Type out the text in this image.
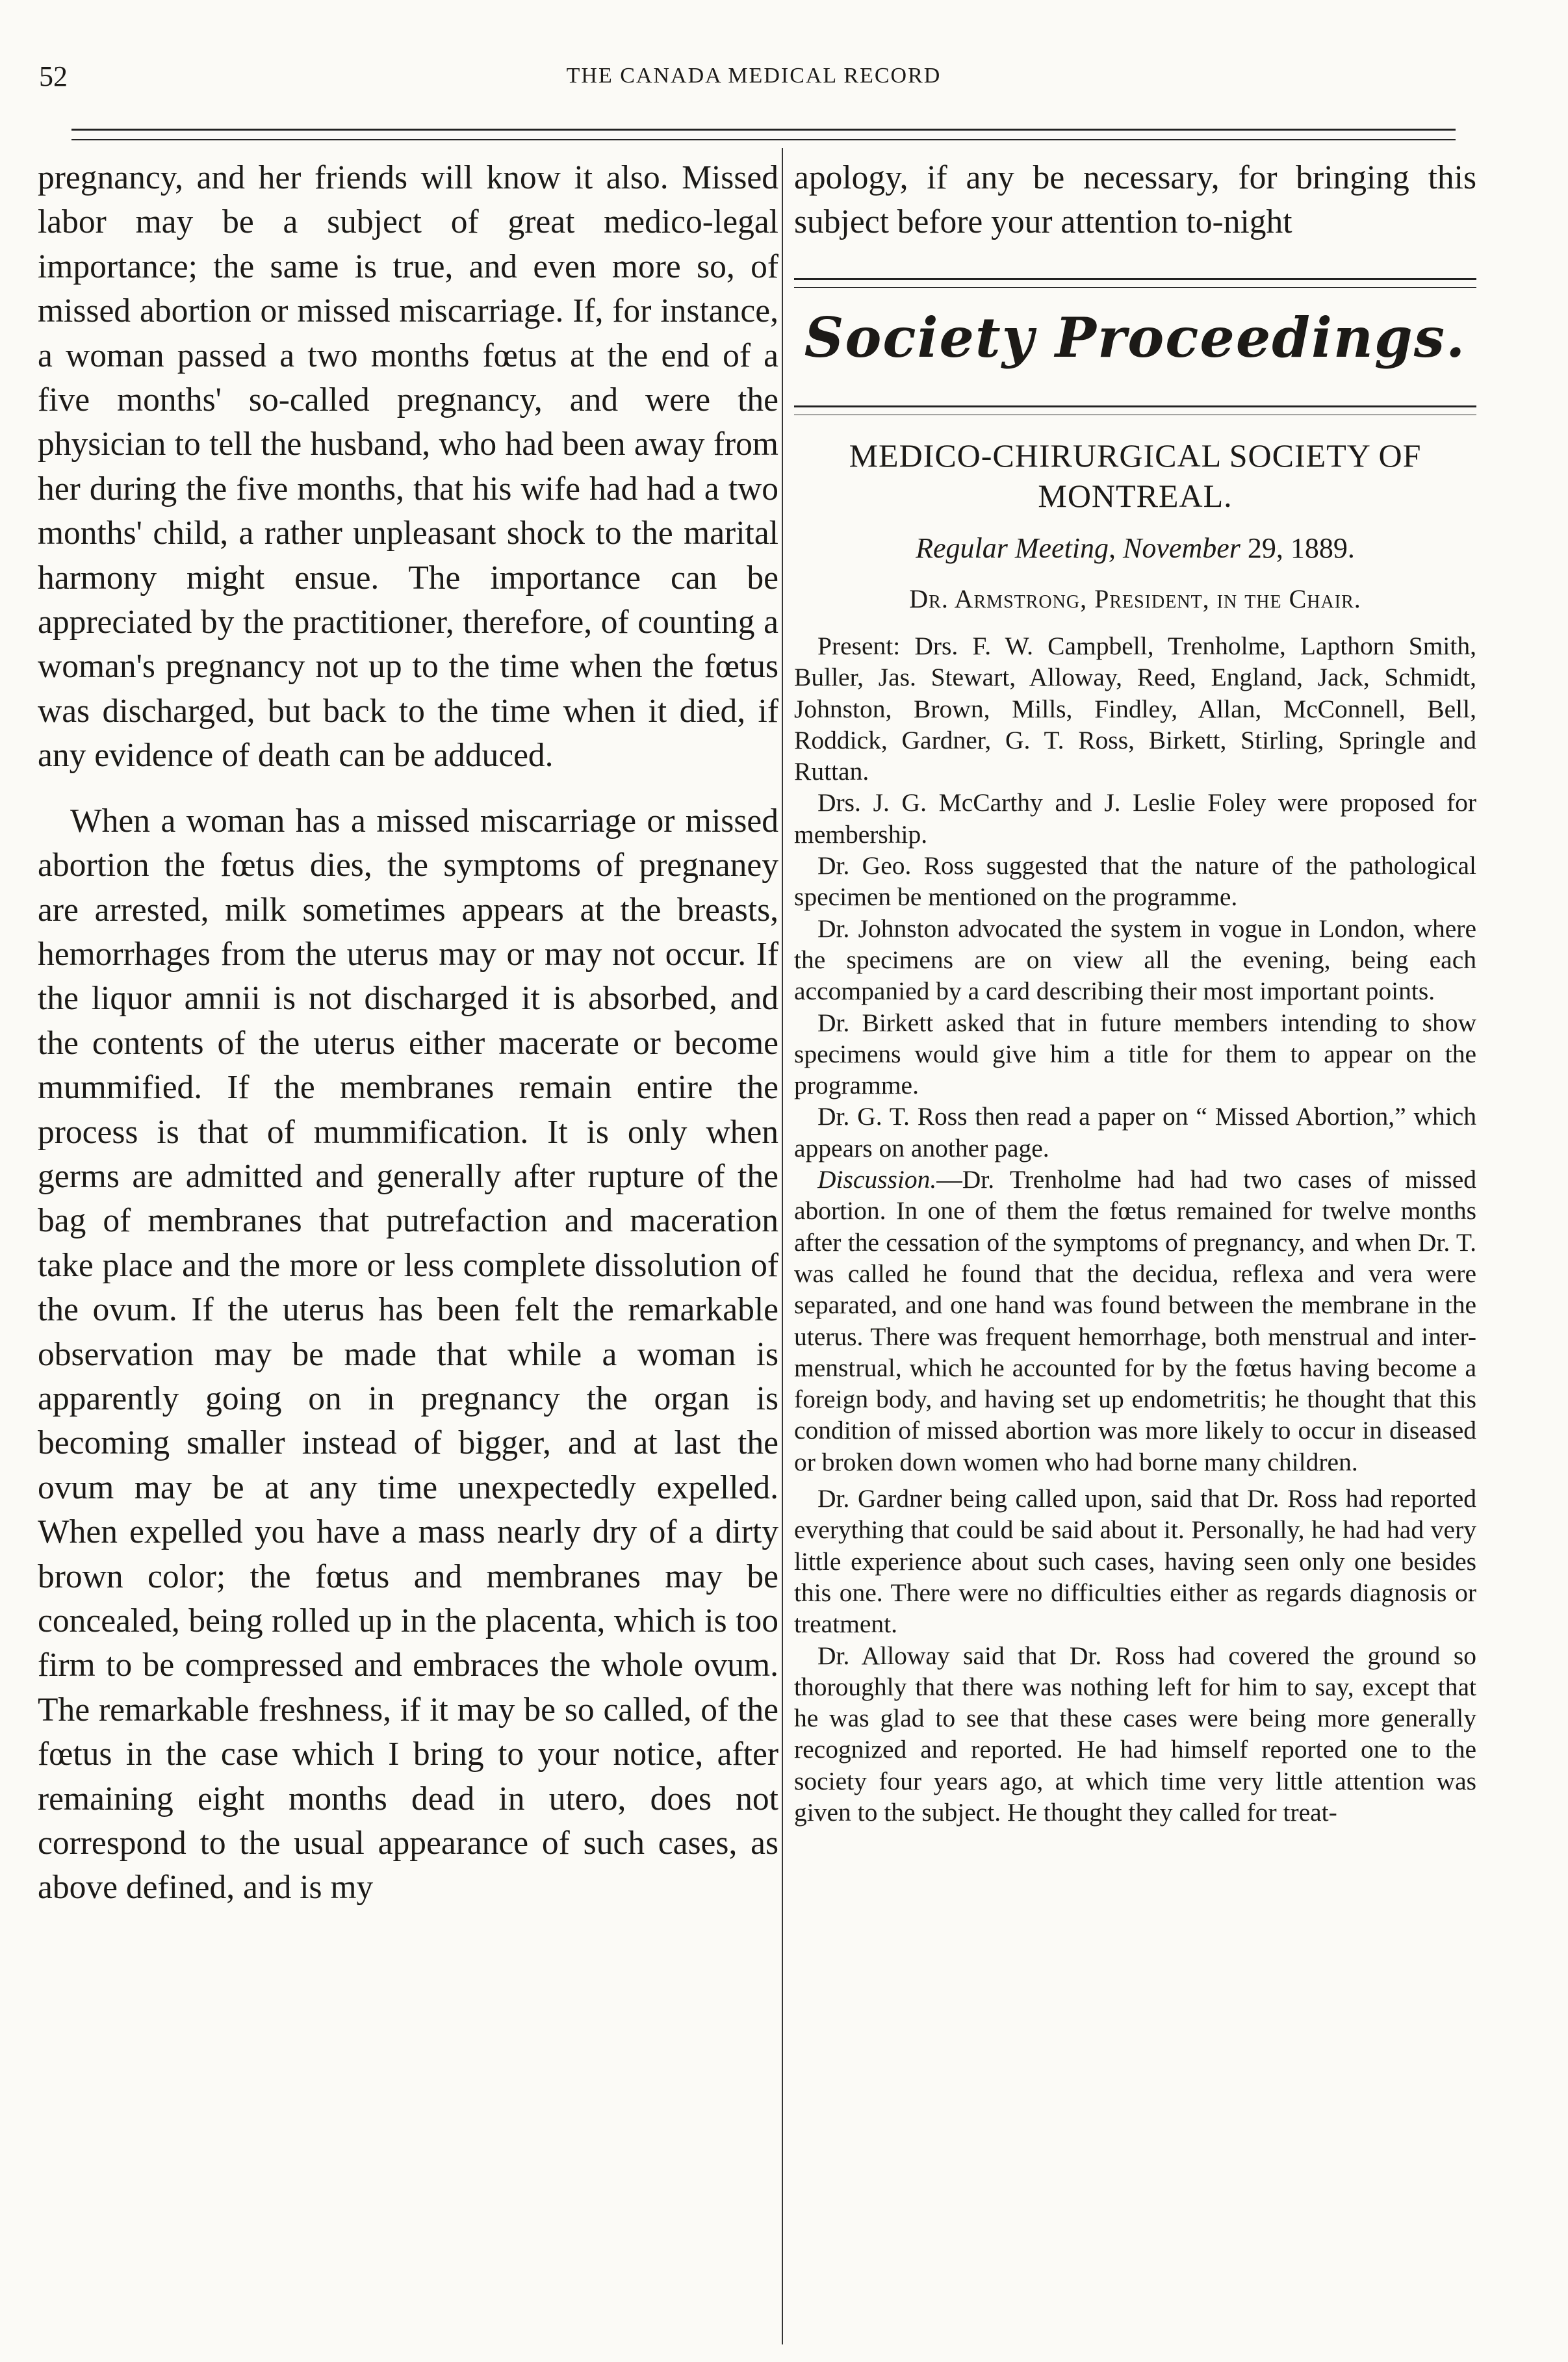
52	THE CANADA MEDICAL RECORD

pregnancy, and her friends will know it also. Missed labor may be a subject of great medico-legal importance; the same is true, and even more so, of missed abortion or missed miscarriage. If, for instance, a woman passed a two months fœtus at the end of a five months' so-called pregnancy, and were the physician to tell the husband, who had been away from her during the five months, that his wife had had a two months' child, a rather unpleasant shock to the marital harmony might ensue. The importance can be appreciated by the practitioner, therefore, of counting a woman's pregnancy not up to the time when the fœtus was discharged, but back to the time when it died, if any evidence of death can be adduced.

When a woman has a missed miscarriage or missed abortion the fœtus dies, the symptoms of pregnaney are arrested, milk sometimes appears at the breasts, hemorrhages from the uterus may or may not occur. If the liquor amnii is not discharged it is absorbed, and the contents of the uterus either macerate or become mummified. If the membranes remain entire the process is that of mummification. It is only when germs are admitted and generally after rupture of the bag of membranes that putrefaction and maceration take place and the more or less complete dissolution of the ovum. If the uterus has been felt the remarkable observation may be made that while a woman is apparently going on in pregnancy the organ is becoming smaller instead of bigger, and at last the ovum may be at any time unexpectedly expelled. When expelled you have a mass nearly dry of a dirty brown color; the fœtus and membranes may be concealed, being rolled up in the placenta, which is too firm to be compressed and embraces the whole ovum. The remarkable freshness, if it may be so called, of the fœtus in the case which I bring to your notice, after remaining eight months dead in utero, does not correspond to the usual appearance of such cases, as above defined, and is my

apology, if any be necessary, for bringing this subject before your attention to-night

Society Proceedings.
MEDICO-CHIRURGICAL SOCIETY OF MONTREAL.
Regular Meeting, November 29, 1889.
Dr. Armstrong, President, in the Chair.

Present: Drs. F. W. Campbell, Trenholme, Lapthorn Smith, Buller, Jas. Stewart, Alloway, Reed, England, Jack, Schmidt, Johnston, Brown, Mills, Findley, Allan, McConnell, Bell, Roddick, Gardner, G. T. Ross, Birkett, Stirling, Springle and Ruttan.

Drs. J. G. McCarthy and J. Leslie Foley were proposed for membership.

Dr. Geo. Ross suggested that the nature of the pathological specimen be mentioned on the programme.

Dr. Johnston advocated the system in vogue in London, where the specimens are on view all the evening, being each accompanied by a card describing their most important points.

Dr. Birkett asked that in future members intending to show specimens would give him a title for them to appear on the programme.

Dr. G. T. Ross then read a paper on “ Missed Abortion,” which appears on another page.

Discussion.—Dr. Trenholme had had two cases of missed abortion. In one of them the fœtus remained for twelve months after the cessation of the symptoms of pregnancy, and when Dr. T. was called he found that the decidua, reflexa and vera were separated, and one hand was found between the membrane in the uterus. There was frequent hemorrhage, both menstrual and inter-menstrual, which he accounted for by the fœtus having become a foreign body, and having set up endometritis; he thought that this condition of missed abortion was more likely to occur in diseased or broken down women who had borne many children.

Dr. Gardner being called upon, said that Dr. Ross had reported everything that could be said about it. Personally, he had had very little experience about such cases, having seen only one besides this one. There were no difficulties either as regards diagnosis or treatment.

Dr. Alloway said that Dr. Ross had covered the ground so thoroughly that there was nothing left for him to say, except that he was glad to see that these cases were being more generally recognized and reported. He had himself reported one to the society four years ago, at which time very little attention was given to the subject. He thought they called for treat-
